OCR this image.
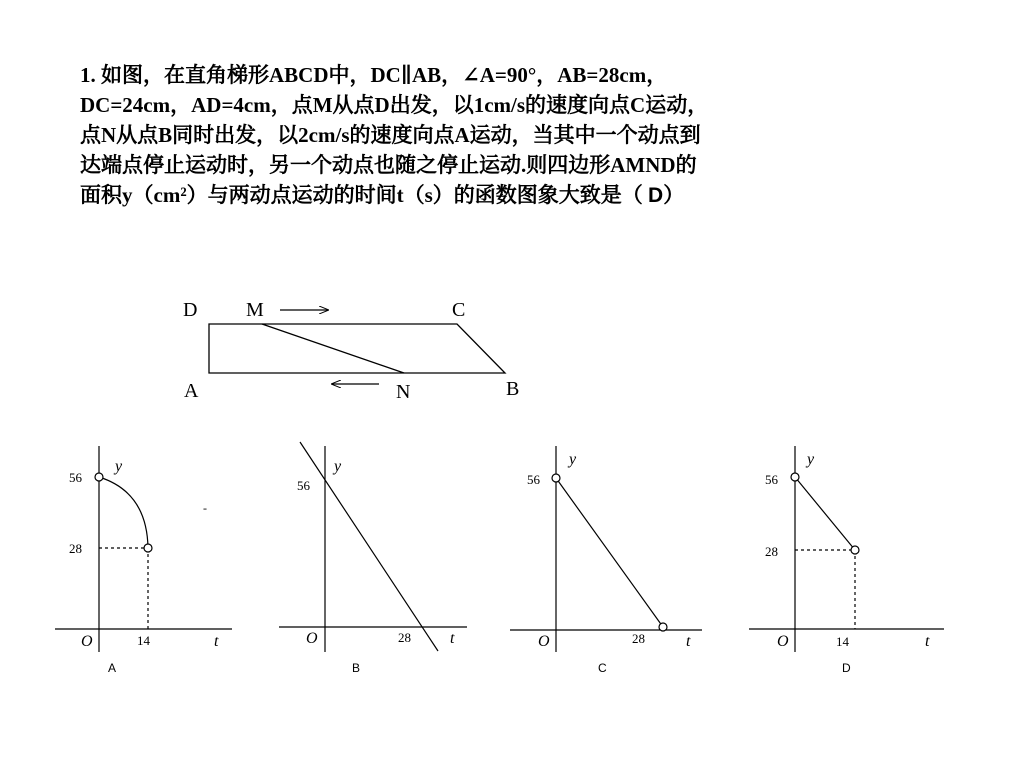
1. 如图，在直角梯形ABCD中，DC∥AB，∠A=90°，AB=28cm，
DC=24cm，AD=4cm，点M从点D出发，以1cm/s的速度向点C运动，
点N从点B同时出发，以2cm/s的速度向点A运动，当其中一个动点到
达端点停止运动时，另一个动点也随之停止运动.则四边形AMND的
面积y（cm²）与两动点运动的时间t（s）的函数图象大致是（ D）
D M	C
A	N	B
y
56
28
O	14	t
A
-
y
56
O	28 t
B
y
56
O	28	t
C
y
56
28
O	14	t
D
